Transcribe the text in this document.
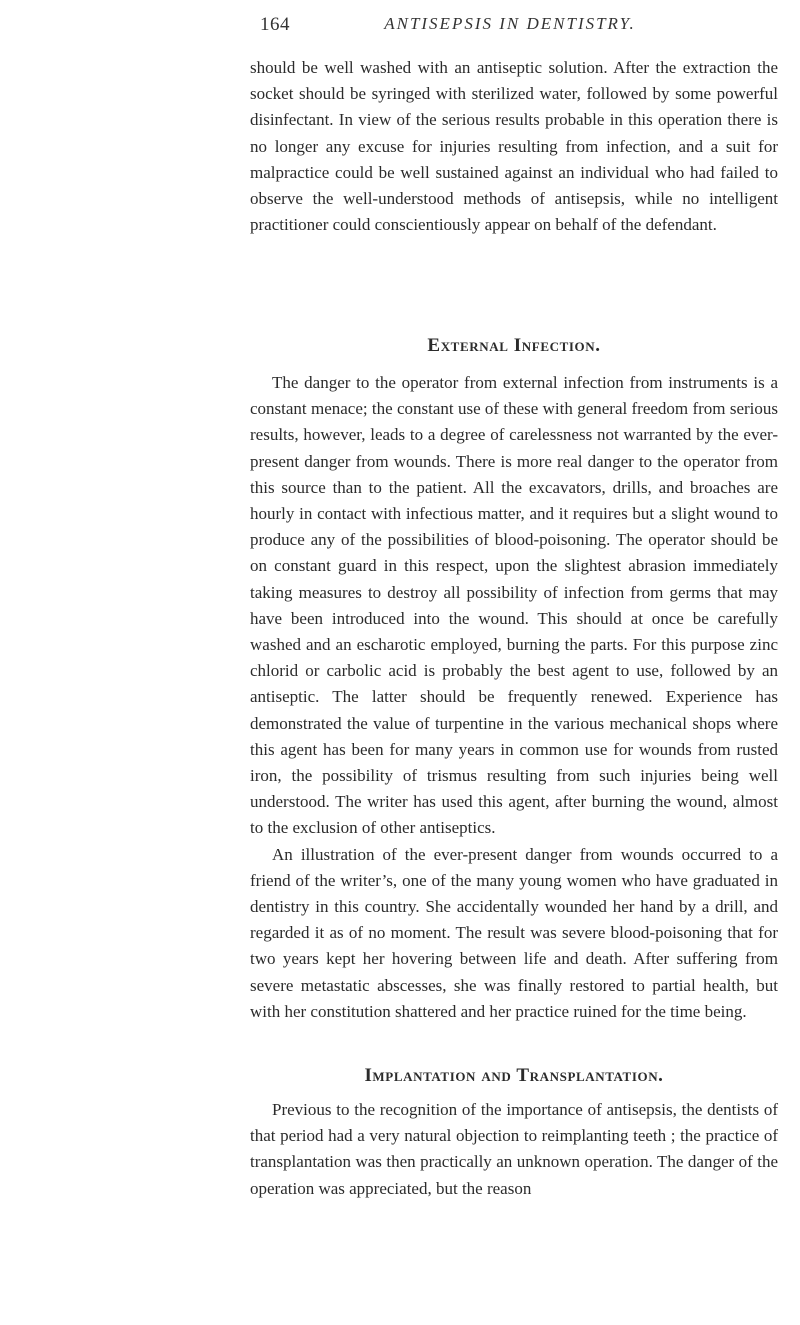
164	ANTISEPSIS IN DENTISTRY.

should be well washed with an antiseptic solution. After the extraction the socket should be syringed with sterilized water, followed by some powerful disinfectant. In view of the serious results probable in this operation there is no longer any excuse for injuries resulting from infection, and a suit for malpractice could be well sustained against an individual who had failed to observe the well-understood methods of antisepsis, while no intelligent practitioner could conscientiously appear on behalf of the defendant.

External Infection.

The danger to the operator from external infection from instruments is a constant menace; the constant use of these with general freedom from serious results, however, leads to a degree of carelessness not warranted by the ever-present danger from wounds. There is more real danger to the operator from this source than to the patient. All the excavators, drills, and broaches are hourly in contact with infectious matter, and it requires but a slight wound to produce any of the possibilities of blood-poisoning. The operator should be on constant guard in this respect, upon the slightest abrasion immediately taking measures to destroy all possibility of infection from germs that may have been introduced into the wound. This should at once be carefully washed and an escharotic employed, burning the parts. For this purpose zinc chlorid or carbolic acid is probably the best agent to use, followed by an antiseptic. The latter should be frequently renewed. Experience has demonstrated the value of turpentine in the various mechanical shops where this agent has been for many years in common use for wounds from rusted iron, the possibility of trismus resulting from such injuries being well understood. The writer has used this agent, after burning the wound, almost to the exclusion of other antiseptics.

An illustration of the ever-present danger from wounds occurred to a friend of the writer’s, one of the many young women who have graduated in dentistry in this country. She accidentally wounded her hand by a drill, and regarded it as of no moment. The result was severe blood-poisoning that for two years kept her hovering between life and death. After suffering from severe metastatic abscesses, she was finally restored to partial health, but with her constitution shattered and her practice ruined for the time being.

Implantation and Transplantation.

Previous to the recognition of the importance of antisepsis, the dentists of that period had a very natural objection to reimplanting teeth ; the practice of transplantation was then practically an unknown operation. The danger of the operation was appreciated, but the reason
